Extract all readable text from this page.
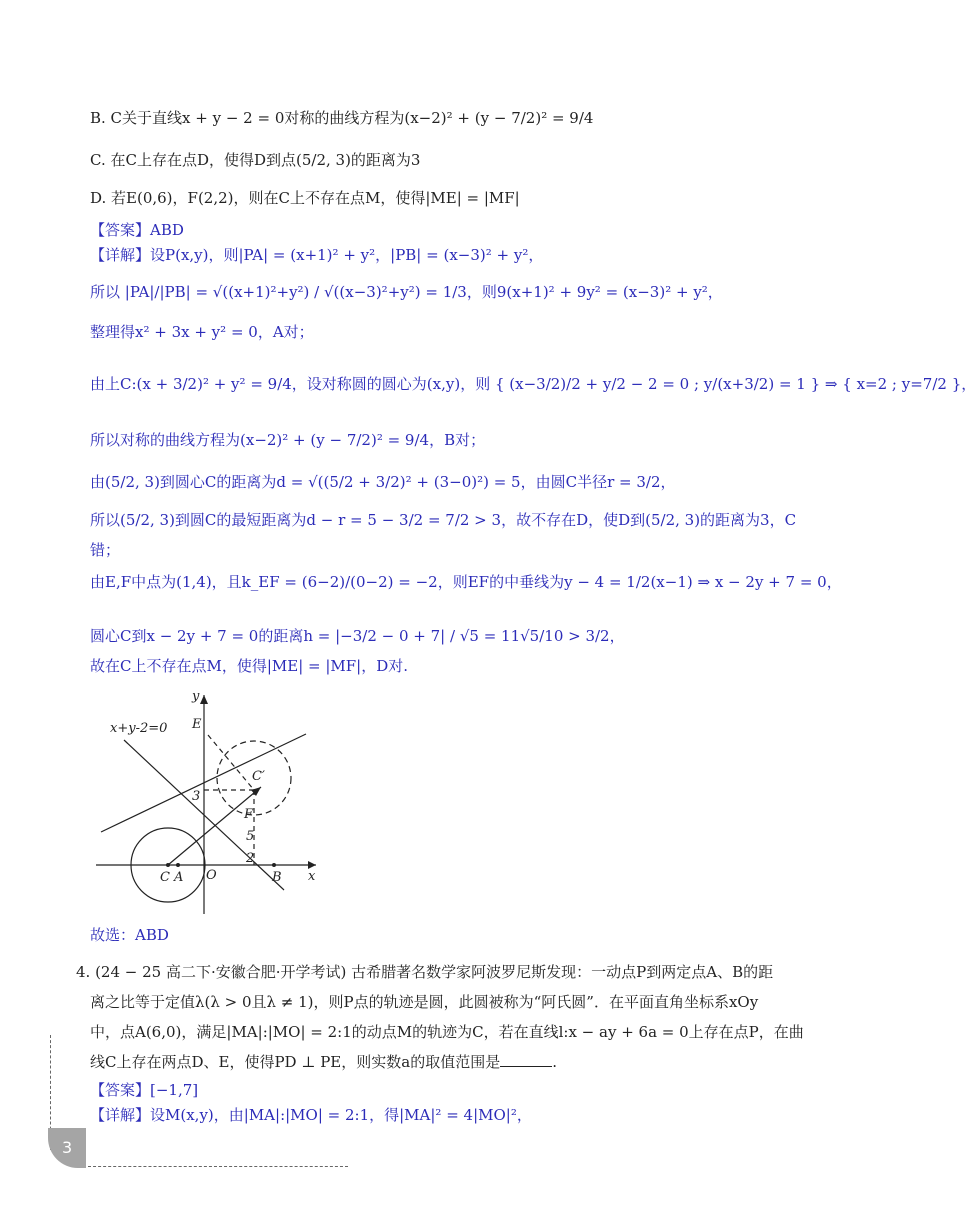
B. C关于直线x + y − 2 = 0对称的曲线方程为(x−2)² + (y − 7/2)² = 9/4
C. 在C上存在点D，使得D到点(5/2, 3)的距离为3
D. 若E(0,6)，F(2,2)，则在C上不存在点M，使得|ME| = |MF|
【答案】ABD
【详解】设P(x,y)，则|PA| = (x+1)² + y²，|PB| = (x−3)² + y²，
所以 |PA|/|PB| = √((x+1)²+y²) / √((x−3)²+y²) = 1/3，则9(x+1)² + 9y² = (x−3)² + y²，
整理得x² + 3x + y² = 0，A对；
由上C:(x + 3/2)² + y² = 9/4，设对称圆的圆心为(x,y)，则 { (x−3/2)/2 + y/2 − 2 = 0 ; y/(x+3/2) = 1 } ⇒ { x=2 ; y=7/2 }，
所以对称的曲线方程为(x−2)² + (y − 7/2)² = 9/4，B对；
由(5/2, 3)到圆心C的距离为d = √((5/2 + 3/2)² + (3−0)²) = 5，由圆C半径r = 3/2，
所以(5/2, 3)到圆C的最短距离为d − r = 5 − 3/2 = 7/2 > 3，故不存在D，使D到(5/2, 3)的距离为3，C
错；
由E,F中点为(1,4)，且k_EF = (6−2)/(0−2) = −2，则EF的中垂线为y − 4 = 1/2(x−1) ⇒ x − 2y + 7 = 0，
圆心C到x − 2y + 7 = 0的距离h = |−3/2 − 0 + 7| / √5 = 11√5/10 > 3/2，
故在C上不存在点M，使得|ME| = |MF|，D对.
x+y-2=0
y
x
E
C′
3
F
5
2
C A O	B
故选：ABD
4. (24 − 25 高二下·安徽合肥·开学考试) 古希腊著名数学家阿波罗尼斯发现：一动点P到两定点A、B的距
离之比等于定值λ(λ > 0且λ ≠ 1)，则P点的轨迹是圆，此圆被称为“阿氏圆”．在平面直角坐标系xOy
中，点A(6,0)，满足|MA|:|MO| = 2:1的动点M的轨迹为C，若在直线l:x − ay + 6a = 0上存在点P，在曲
线C上存在两点D、E，使得PD ⊥ PE，则实数a的取值范围是	.
【答案】[−1,7]
【详解】设M(x,y)，由|MA|:|MO| = 2:1，得|MA|² = 4|MO|²，
3
